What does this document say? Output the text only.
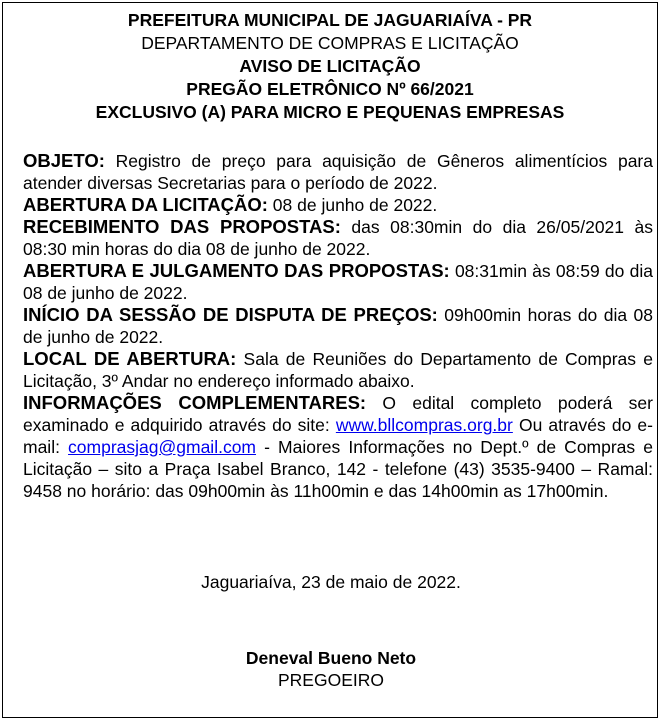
PREFEITURA MUNICIPAL DE JAGUARIAÍVA - PR
DEPARTAMENTO DE COMPRAS E LICITAÇÃO
AVISO DE LICITAÇÃO
PREGÃO ELETRÔNICO Nº 66/2021
EXCLUSIVO (A) PARA MICRO E PEQUENAS EMPRESAS

OBJETO: Registro de preço para aquisição de Gêneros alimentícios para atender diversas Secretarias para o período de 2022.

ABERTURA DA LICITAÇÃO: 08 de junho de 2022.

RECEBIMENTO DAS PROPOSTAS: das 08:30min do dia 26/05/2021 às 08:30 min horas do dia 08 de junho de 2022.

ABERTURA E JULGAMENTO DAS PROPOSTAS: 08:31min às 08:59 do dia 08 de junho de 2022.

INÍCIO DA SESSÃO DE DISPUTA DE PREÇOS: 09h00min horas do dia 08 de junho de 2022.

LOCAL DE ABERTURA: Sala de Reuniões do Departamento de Compras e Licitação, 3º Andar no endereço informado abaixo.

INFORMAÇÕES COMPLEMENTARES: O edital completo poderá ser examinado e adquirido através do site: www.bllcompras.org.br Ou através do e-mail: comprasjag@gmail.com - Maiores Informações no Dept.º de Compras e Licitação – sito a Praça Isabel Branco, 142 - telefone (43) 3535-9400 – Ramal: 9458 no horário: das 09h00min às 11h00min e das 14h00min as 17h00min.

Jaguariaíva, 23 de maio de 2022.
Deneval Bueno Neto
PREGOEIRO
